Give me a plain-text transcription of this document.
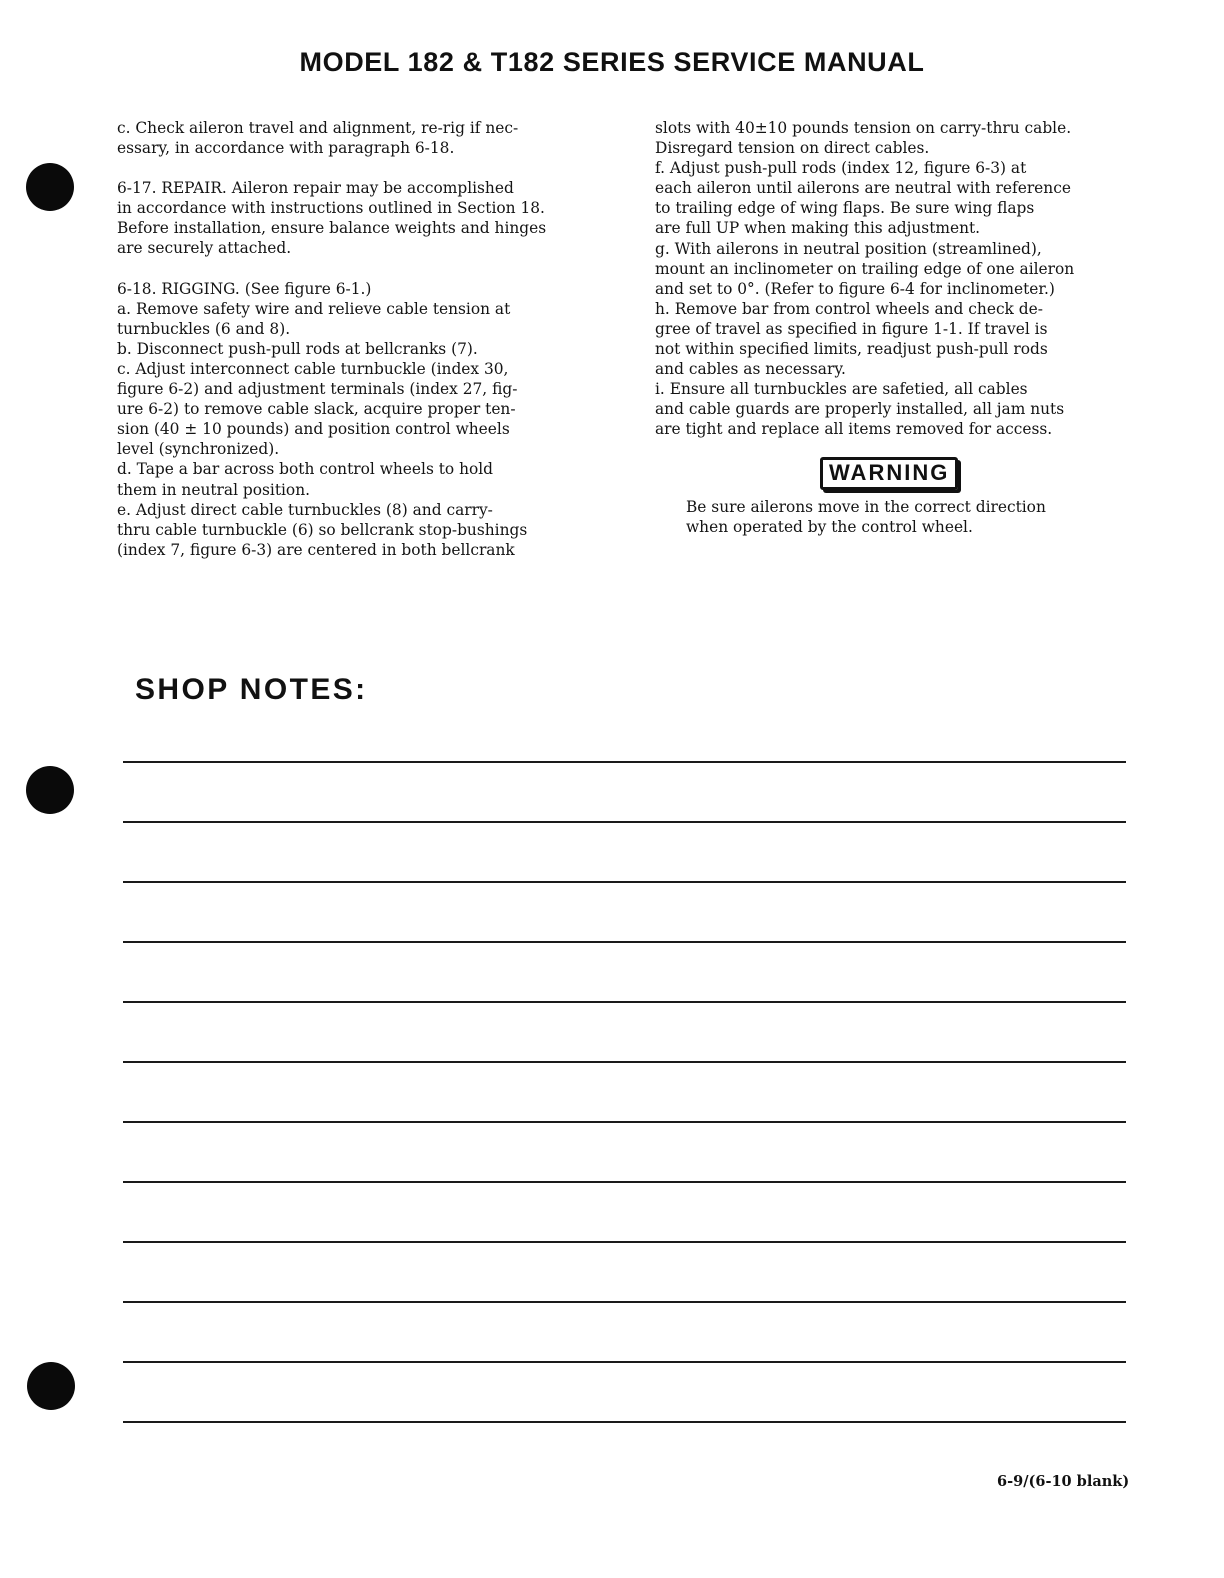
MODEL 182 & T182 SERIES SERVICE MANUAL

c. Check aileron travel and alignment, re-rig if nec-

essary, in accordance with paragraph 6-18.

6-17. REPAIR. Aileron repair may be accomplished

in accordance with instructions outlined in Section 18.

Before installation, ensure balance weights and hinges

are securely attached.

6-18. RIGGING. (See figure 6-1.)

a. Remove safety wire and relieve cable tension at

turnbuckles (6 and 8).

b. Disconnect push-pull rods at bellcranks (7).

c. Adjust interconnect cable turnbuckle (index 30,

figure 6-2) and adjustment terminals (index 27, fig-

ure 6-2) to remove cable slack, acquire proper ten-

sion (40 ± 10 pounds) and position control wheels

level (synchronized).

d. Tape a bar across both control wheels to hold

them in neutral position.

e. Adjust direct cable turnbuckles (8) and carry-

thru cable turnbuckle (6) so bellcrank stop-bushings

(index 7, figure 6-3) are centered in both bellcrank

slots with 40±10 pounds tension on carry-thru cable.

Disregard tension on direct cables.

f. Adjust push-pull rods (index 12, figure 6-3) at

each aileron until ailerons are neutral with reference

to trailing edge of wing flaps. Be sure wing flaps

are full UP when making this adjustment.

g. With ailerons in neutral position (streamlined),

mount an inclinometer on trailing edge of one aileron

and set to 0°. (Refer to figure 6-4 for inclinometer.)

h. Remove bar from control wheels and check de-

gree of travel as specified in figure 1-1. If travel is

not within specified limits, readjust push-pull rods

and cables as necessary.

i. Ensure all turnbuckles are safetied, all cables

and cable guards are properly installed, all jam nuts

are tight and replace all items removed for access.

WARNING

Be sure ailerons move in the correct direction

when operated by the control wheel.

SHOP NOTES:
6-9/(6-10 blank)
